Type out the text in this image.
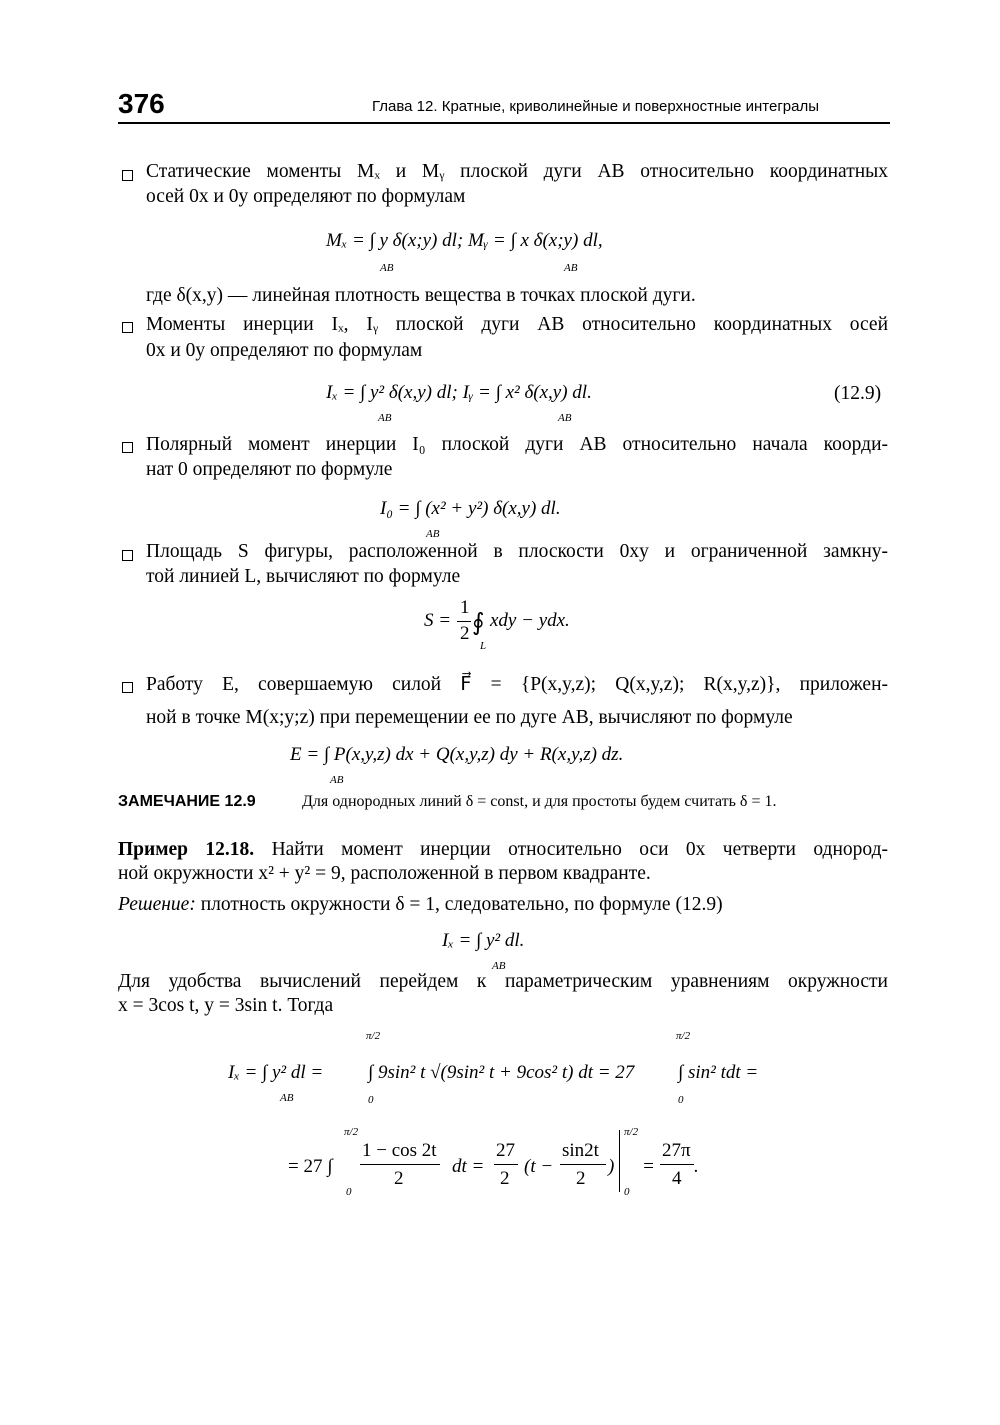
376	Глава 12. Кратные, криволинейные и поверхностные интегралы
Статические моменты Mₓ и Mᵧ плоской дуги AB относительно координатных
осей 0x и 0y определяют по формулам
Mₓ = ∫ y δ(x;y) dl; Mᵧ = ∫ x δ(x;y) dl,
AB	AB
где δ(x,y) — линейная плотность вещества в точках плоской дуги.
Моменты инерции Iₓ, Iᵧ плоской дуги AB относительно координатных осей
0x и 0y определяют по формулам
Iₓ = ∫ y² δ(x,y) dl; Iᵧ = ∫ x² δ(x,y) dl.
AB	AB
(12.9)
Полярный момент инерции I₀ плоской дуги AB относительно начала коорди-
нат 0 определяют по формуле
I₀ = ∫ (x² + y²) δ(x,y) dl.
AB
Площадь S фигуры, расположенной в плоскости 0xy и ограниченной замкну-
той линией L, вычисляют по формуле
S =
1
2 ∮ xdy − ydx.
L
Работу E, совершаемую силой F⃗ = {P(x,y,z); Q(x,y,z); R(x,y,z)}, приложен-
ной в точке M(x;y;z) при перемещении ее по дуге AB, вычисляют по формуле
E = ∫ P(x,y,z) dx + Q(x,y,z) dy + R(x,y,z) dz.
AB
ЗАМЕЧАНИЕ 12.9	Для однородных линий δ = const, и для простоты будем считать δ = 1.
Пример 12.18. Найти момент инерции относительно оси 0x четверти однород-
ной окружности x² + y² = 9, расположенной в первом квадранте.
Решение: плотность окружности δ = 1, следовательно, по формуле (12.9)
Iₓ = ∫ y² dl.
AB
Для удобства вычислений перейдем к параметрическим уравнениям окружности
x = 3cos t, y = 3sin t. Тогда
Iₓ = ∫ y² dl =
AB
π/2
0
∫ 9sin² t √(9sin² t + 9cos² t) dt = 27
π/2
0
∫ sin² tdt =
π/2
0
= 27 ∫
1 − cos 2t
2
dt =
27
2
(t −
sin2t
2
)
π/2
0
=
27π
4
.
